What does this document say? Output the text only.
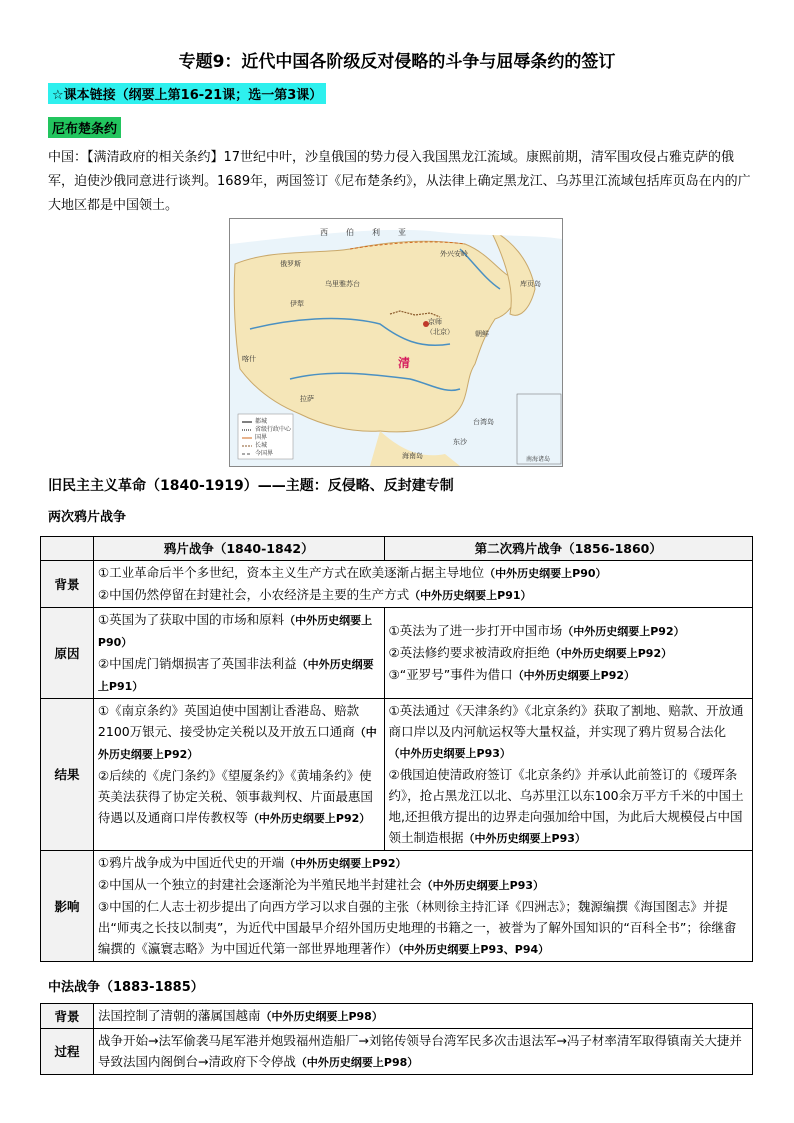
专题9：近代中国各阶级反对侵略的斗争与屈辱条约的签订
☆课本链接（纲要上第16-21课；选一第3课）
尼布楚条约
中国：【满清政府的相关条约】17世纪中叶，沙皇俄国的势力侵入我国黑龙江流域。康熙前期，清军围攻侵占雅克萨的俄军，迫使沙俄同意进行谈判。1689年，两国签订《尼布楚条约》，从法律上确定黑龙江、乌苏里江流域包括库页岛在内的广大地区都是中国领土。
西伯利亚
外兴安岭
库页岛
乌里雅苏台
俄罗斯
伊犁
京师
（北京）
清
朝鲜
东沙
台湾岛
海南岛
喀什
拉萨
南海诸岛
都城
省级行政中心
国界
长城
今国界
旧民主主义革命（1840-1919）——主题：反侵略、反封建专制
两次鸦片战争
	鸦片战争（1840-1842）	第二次鸦片战争（1856-1860）
背景	①工业革命后半个多世纪，资本主义生产方式在欧美逐渐占据主导地位（中外历史纲要上P90）
②中国仍然停留在封建社会，小农经济是主要的生产方式（中外历史纲要上P91）	

原因	①英国为了获取中国的市场和原料（中外历史纲要上P90）
②中国虎门销烟损害了英国非法利益（中外历史纲要上P91）	①英法为了进一步打开中国市场（中外历史纲要上P92）
②英法修约要求被清政府拒绝（中外历史纲要上P92）
③“亚罗号”事件为借口（中外历史纲要上P92）

结果	①《南京条约》英国迫使中国割让香港岛、赔款2100万银元、接受协定关税以及开放五口通商（中外历史纲要上P92）
②后续的《虎门条约》《望厦条约》《黄埔条约》使英美法获得了协定关税、领事裁判权、片面最惠国待遇以及通商口岸传教权等（中外历史纲要上P92）	①英法通过《天津条约》《北京条约》获取了割地、赔款、开放通商口岸以及内河航运权等大量权益，并实现了鸦片贸易合法化（中外历史纲要上P93）
②俄国迫使清政府签订《北京条约》并承认此前签订的《瑷珲条约》，抢占黑龙江以北、乌苏里江以东100余万平方千米的中国土地,还担俄方提出的边界走向强加给中国，为此后大规模侵占中国领土制造根据（中外历史纲要上P93）

影响	①鸦片战争成为中国近代史的开端（中外历史纲要上P92）
②中国从一个独立的封建社会逐渐沦为半殖民地半封建社会（中外历史纲要上P93）
③中国的仁人志士初步提出了向西方学习以求自强的主张（林则徐主持汇译《四洲志》；魏源编撰《海国图志》并提出“师夷之长技以制夷”，为近代中国最早介绍外国历史地理的书籍之一，被誉为了解外国知识的“百科全书”；徐继畬编撰的《瀛寰志略》为中国近代第一部世界地理著作）（中外历史纲要上P93、P94）	
中法战争（1883-1885）
背景	法国控制了清朝的藩属国越南（中外历史纲要上P98）
过程	战争开始→法军偷袭马尾军港并炮毁福州造船厂→刘铭传领导台湾军民多次击退法军→冯子材率清军取得镇南关大捷并导致法国内阁倒台→清政府下令停战（中外历史纲要上P98）
